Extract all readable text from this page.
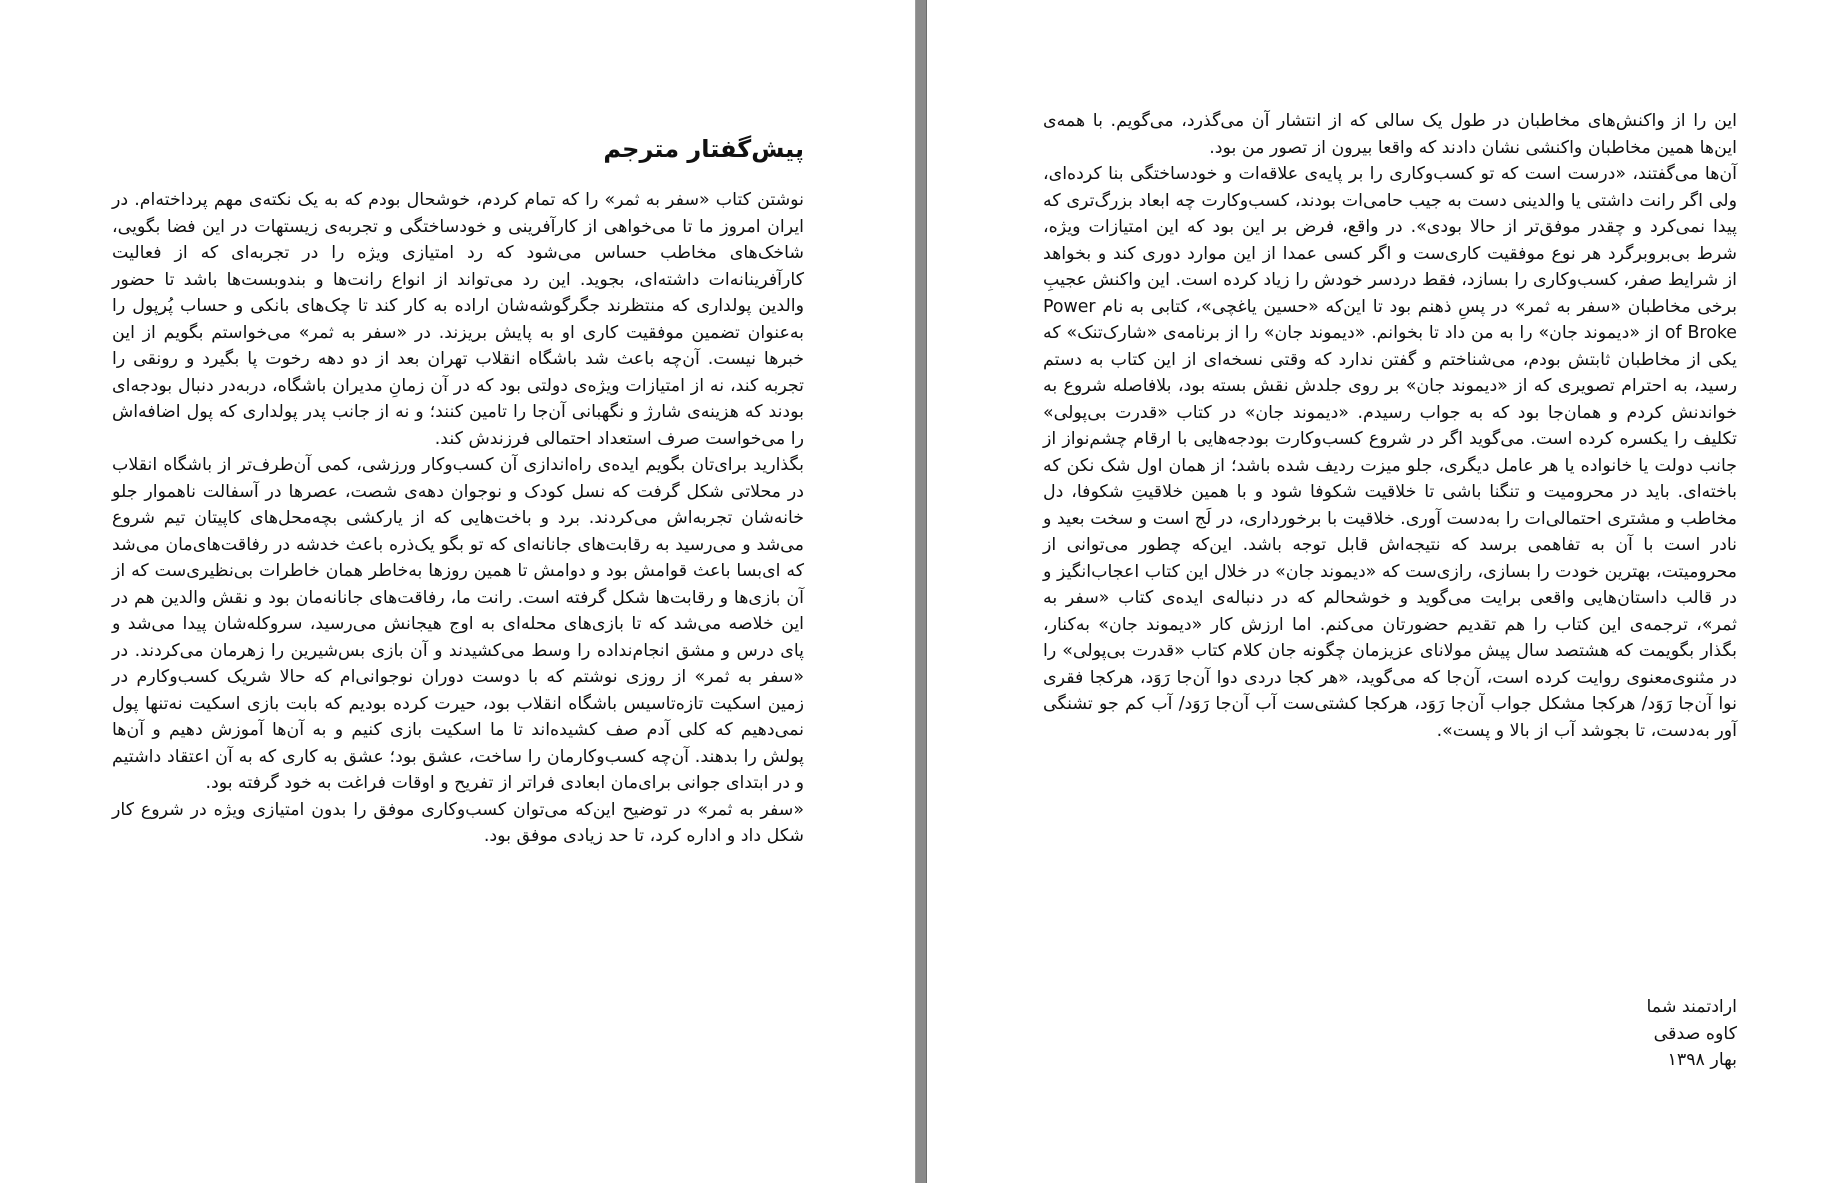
پیش‌گفتار مترجم

نوشتن کتاب «سفر به ثمر» را که تمام کردم، خوشحال بودم که به یک نکته‌ی مهم پرداخته‌ام. در ایران امروز ما تا می‌خواهی از کارآفرینی و خودساختگی و تجربه‌ی زیستهات در این فضا بگویی، شاخک‌های مخاطب حساس می‌شود که رد امتیازی ویژه را در تجربه‌ای که از فعالیت کارآفرینانه‌ات داشته‌ای، بجوید. این رد می‌تواند از انواع رانت‌ها و بندوبست‌ها باشد تا حضور والدین پولداری که منتظرند جگرگوشه‌شان اراده به کار کند تا چک‌های بانکی و حساب پُرپول را به‌عنوان تضمین موفقیت کاری او به پایش بریزند. در «سفر به ثمر» می‌خواستم بگویم از این خبرها نیست. آن‌چه باعث شد باشگاه انقلاب تهران بعد از دو دهه رخوت پا بگیرد و رونقی را تجربه کند، نه از امتیازات ویژه‌ی دولتی بود که در آن زمانِ مدیران باشگاه، دربه‌در دنبال بودجه‌ای بودند که هزینه‌ی شارژ و نگهبانی آن‌جا را تامین کنند؛ و نه از جانب پدر پولداری که پول اضافه‌اش را می‌خواست صرف استعداد احتمالی فرزندش کند.

بگذارید برای‌تان بگویم ایده‌ی راه‌اندازی آن کسب‌وکار ورزشی، کمی آن‌طرف‌تر از باشگاه انقلاب در محلاتی شکل گرفت که نسل کودک و نوجوان دهه‌ی شصت، عصرها در آسفالت ناهموار جلو خانه‌شان تجربه‌اش می‌کردند. برد و باخت‌هایی که از یارکشی بچه‌محل‌های کاپیتان تیم شروع می‌شد و می‌رسید به رقابت‌های جانانه‌ای که تو بگو یک‌ذره باعث خدشه در رفاقت‌های‌مان می‌شد که ای‌بسا باعث قوامش بود و دوامش تا همین روزها به‌خاطر همان خاطرات بی‌نظیری‌ست که از آن بازی‌ها و رقابت‌ها شکل گرفته است. رانت ما، رفاقت‌های جانانه‌مان بود و نقش والدین هم در این خلاصه می‌شد که تا بازی‌های محله‌ای به اوج هیجانش می‌رسید، سروکله‌شان پیدا می‌شد و پای درس و مشق انجام‌نداده را وسط می‌کشیدند و آن بازی بس‌شیرین را زهرمان می‌کردند. در «سفر به ثمر» از روزی نوشتم که با دوست دوران نوجوانی‌ام که حالا شریک کسب‌وکارم در زمین اسکیت تازه‌تاسیس باشگاه انقلاب بود، حیرت کرده بودیم که بابت بازی اسکیت نه‌تنها پول نمی‌دهیم که کلی آدم صف کشیده‌اند تا ما اسکیت بازی کنیم و به آن‌ها آموزش دهیم و آن‌ها پولش را بدهند. آن‌چه کسب‌وکارمان را ساخت، عشق بود؛ عشق به کاری که به آن اعتقاد داشتیم و در ابتدای جوانی برای‌مان ابعادی فراتر از تفریح و اوقات فراغت به خود گرفته بود.

«سفر به ثمر» در توضیح این‌که می‌توان کسب‌وکاری موفق را بدون امتیازی ویژه در شروع کار شکل داد و اداره کرد، تا حد زیادی موفق بود.

این را از واکنش‌های مخاطبان در طول یک سالی که از انتشار آن می‌گذرد، می‌گویم. با همه‌ی این‌ها همین مخاطبان واکنشی نشان دادند که واقعا بیرون از تصور من بود.

آن‌ها می‌گفتند، «درست است که تو کسب‌وکاری را بر پایه‌ی علاقه‌ات و خودساختگی بنا کرده‌ای، ولی اگر رانت داشتی یا والدینی دست به جیب حامی‌ات بودند، کسب‌وکارت چه ابعاد بزرگ‌تری که پیدا نمی‌کرد و چقدر موفق‌تر از حالا بودی». در واقع، فرض بر این بود که این امتیازات ویژه، شرط بی‌بروبرگرد هر نوع موفقیت کاری‌ست و اگر کسی عمدا از این موارد دوری کند و بخواهد از شرایط صفر، کسب‌وکاری را بسازد، فقط دردسر خودش را زیاد کرده است. این واکنش عجیبِ برخی مخاطبان «سفر به ثمر» در پسِ ذهنم بود تا این‌که «حسین یاغچی»، کتابی به نام Power of Broke از «دیموند جان» را به من داد تا بخوانم. «دیموند جان» را از برنامه‌ی «شارک‌تنک» که یکی از مخاطبان ثابتش بودم، می‌شناختم و گفتن ندارد که وقتی نسخه‌ای از این کتاب به دستم رسید، به احترام تصویری که از «دیموند جان» بر روی جلدش نقش بسته بود، بلافاصله شروع به خواندنش کردم و همان‌جا بود که به جواب رسیدم. «دیموند جان» در کتاب «قدرت بی‌پولی» تکلیف را یکسره کرده است. می‌گوید اگر در شروع کسب‌وکارت بودجه‌هایی با ارقام چشم‌نواز از جانب دولت یا خانواده یا هر عامل دیگری، جلو میزت ردیف شده باشد؛ از همان اول شک نکن که باخته‌ای. باید در محرومیت و تنگنا باشی تا خلاقیت شکوفا شود و با همین خلاقیتِ شکوفا، دل مخاطب و مشتری احتمالی‌ات را به‌دست آوری. خلاقیت با برخورداری، در لَج است و سخت بعید و نادر است با آن به تفاهمی برسد که نتیجه‌اش قابل توجه باشد. این‌که چطور می‌توانی از محرومیتت، بهترین خودت را بسازی، رازی‌ست که «دیموند جان» در خلال این کتاب اعجاب‌انگیز و در قالب داستان‌هایی واقعی برایت می‌گوید و خوشحالم که در دنباله‌ی ایده‌ی کتاب «سفر به ثمر»، ترجمه‌ی این کتاب را هم تقدیم حضورتان می‌کنم. اما ارزش کار «دیموند جان» به‌کنار، بگذار بگویمت که هشتصد سال پیش مولانای عزیزمان چگونه جان کلام کتاب «قدرت بی‌پولی» را در مثنوی‌معنوی روایت کرده است، آن‌جا که می‌گوید، «هر کجا دردی دوا آن‌جا رَوَد، هرکجا فقری نوا آن‌جا رَوَد/ هرکجا مشکل جواب آن‌جا رَوَد، هرکجا کشتی‌ست آب آن‌جا رَوَد/ آب کم جو تشنگی آور به‌دست، تا بجوشد آب از بالا و پست».

ارادتمند شما
کاوه صدقی
بهار ۱۳۹۸
